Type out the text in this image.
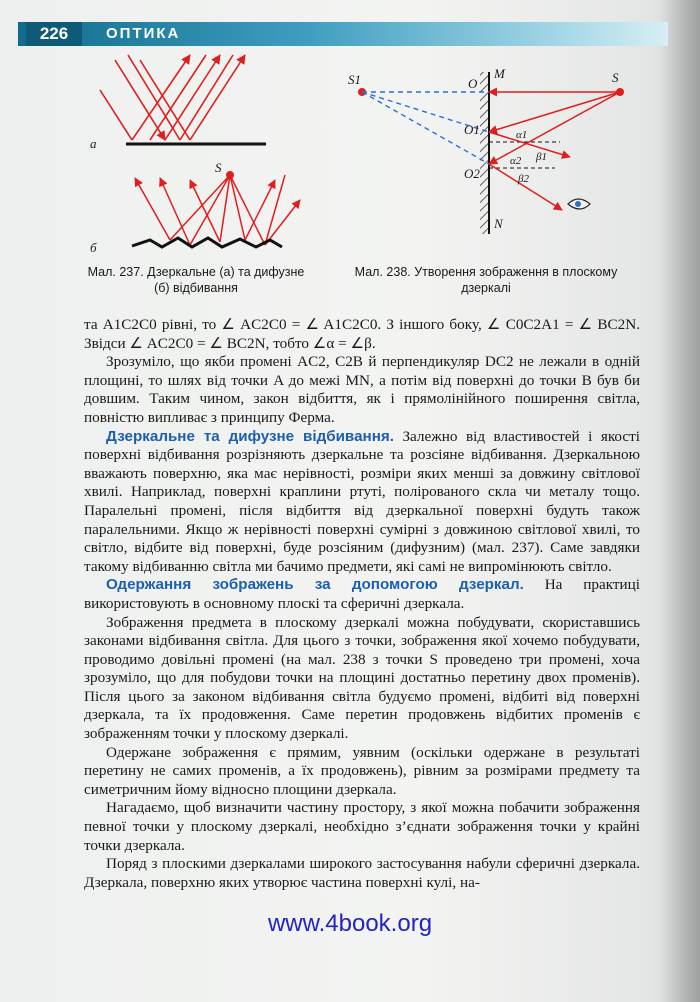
226	ОПТИКА
а
S
б
Мал. 237. Дзеркальне (а) та дифузне
(б) відбивання
S1	S
O
M
O1
O2
N
α1
β1
α2
β2
Мал. 238. Утворення зображення в плоскому
дзеркалі

та A1C2C0 рівні, то ∠ AC2C0 = ∠ A1C2C0. З іншого боку, ∠ C0C2A1 = ∠ BC2N. Звідси ∠ AC2C0 = ∠ BC2N, тобто ∠α = ∠β.

Зрозуміло, що якби промені AC2, C2B й перпендикуляр DC2 не лежали в одній площині, то шлях від точки A до межі MN, а потім від поверхні до точки B був би довшим. Таким чином, закон відбиття, як і прямолінійного поширення світла, повністю випливає з принципу Ферма.

Дзеркальне та дифузне відбивання. Залежно від властивостей і якості поверхні відбивання розрізняють дзеркальне та розсіяне відбивання. Дзеркальною вважають поверхню, яка має нерівності, розміри яких менші за довжину світлової хвилі. Наприклад, поверхні краплини ртуті, полірованого скла чи металу тощо. Паралельні промені, після відбиття від дзеркальної поверхні будуть також паралельними. Якщо ж нерівності поверхні сумірні з довжиною світлової хвилі, то світло, відбите від поверхні, буде розсіяним (дифузним) (мал. 237). Саме завдяки такому відбиванню світла ми бачимо предмети, які самі не випромінюють світло.

Одержання зображень за допомогою дзеркал. На практиці використовують в основному плоскі та сферичні дзеркала.

Зображення предмета в плоскому дзеркалі можна побудувати, скориставшись законами відбивання світла. Для цього з точки, зображення якої хочемо побудувати, проводимо довільні промені (на мал. 238 з точки S проведено три промені, хоча зрозуміло, що для побудови точки на площині достатньо перетину двох променів). Після цього за законом відбивання світла будуємо промені, відбиті від поверхні дзеркала, та їх продовження. Саме перетин продовжень відбитих променів є зображенням точки у плоскому дзеркалі.

Одержане зображення є прямим, уявним (оскільки одержане в результаті перетину не самих променів, а їх продовжень), рівним за розмірами предмету та симетричним йому відносно площини дзеркала.

Нагадаємо, щоб визначити частину простору, з якої можна побачити зображення певної точки у плоскому дзеркалі, необхідно з’єднати зображення точки у крайні точки дзеркала.

Поряд з плоскими дзеркалами широкого застосування набули сферичні дзеркала. Дзеркала, поверхню яких утворює частина поверхні кулі, на-

www.4book.org
